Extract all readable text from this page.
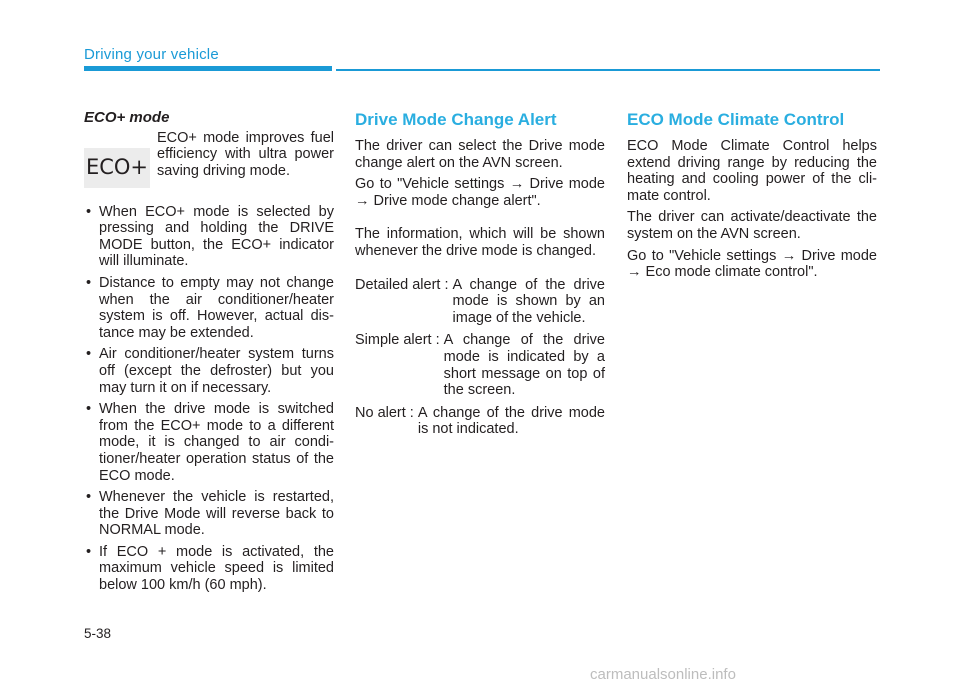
Driving your vehicle
ECO+ mode
ECO+

ECO+ mode improves fuel efficiency with ultra power saving driving mode.

• When ECO+ mode is selected by pressing and holding the DRIVE MODE button, the ECO+ indicator will illuminate.
• Distance to empty may not change when the air conditioner/heater system is off. However, actual dis-tance may be extended.
• Air conditioner/heater system turns off (except the defroster) but you may turn it on if necessary.
• When the drive mode is switched from the ECO+ mode to a different mode, it is changed to air condi-tioner/heater operation status of the ECO mode.
• Whenever the vehicle is restarted, the Drive Mode will reverse back to NORMAL mode.
• If ECO + mode is activated, the maximum vehicle speed is limited below 100 km/h (60 mph).
Drive Mode Change Alert

The driver can select the Drive mode change alert on the AVN screen.

Go to "Vehicle settings → Drive mode → Drive mode change alert".

The information, which will be shown whenever the drive mode is changed.

Detailed alert : A change of the drive mode is shown by an image of the vehicle.
Simple alert : A change of the drive mode is indicated by a short message on top of the screen.
No alert : A change of the drive mode is not indicated.
ECO Mode Climate Control

ECO Mode Climate Control helps extend driving range by reducing the heating and cooling power of the cli-mate control.

The driver can activate/deactivate the system on the AVN screen.

Go to "Vehicle settings → Drive mode → Eco mode climate control".

5-38
carmanualsonline.info
